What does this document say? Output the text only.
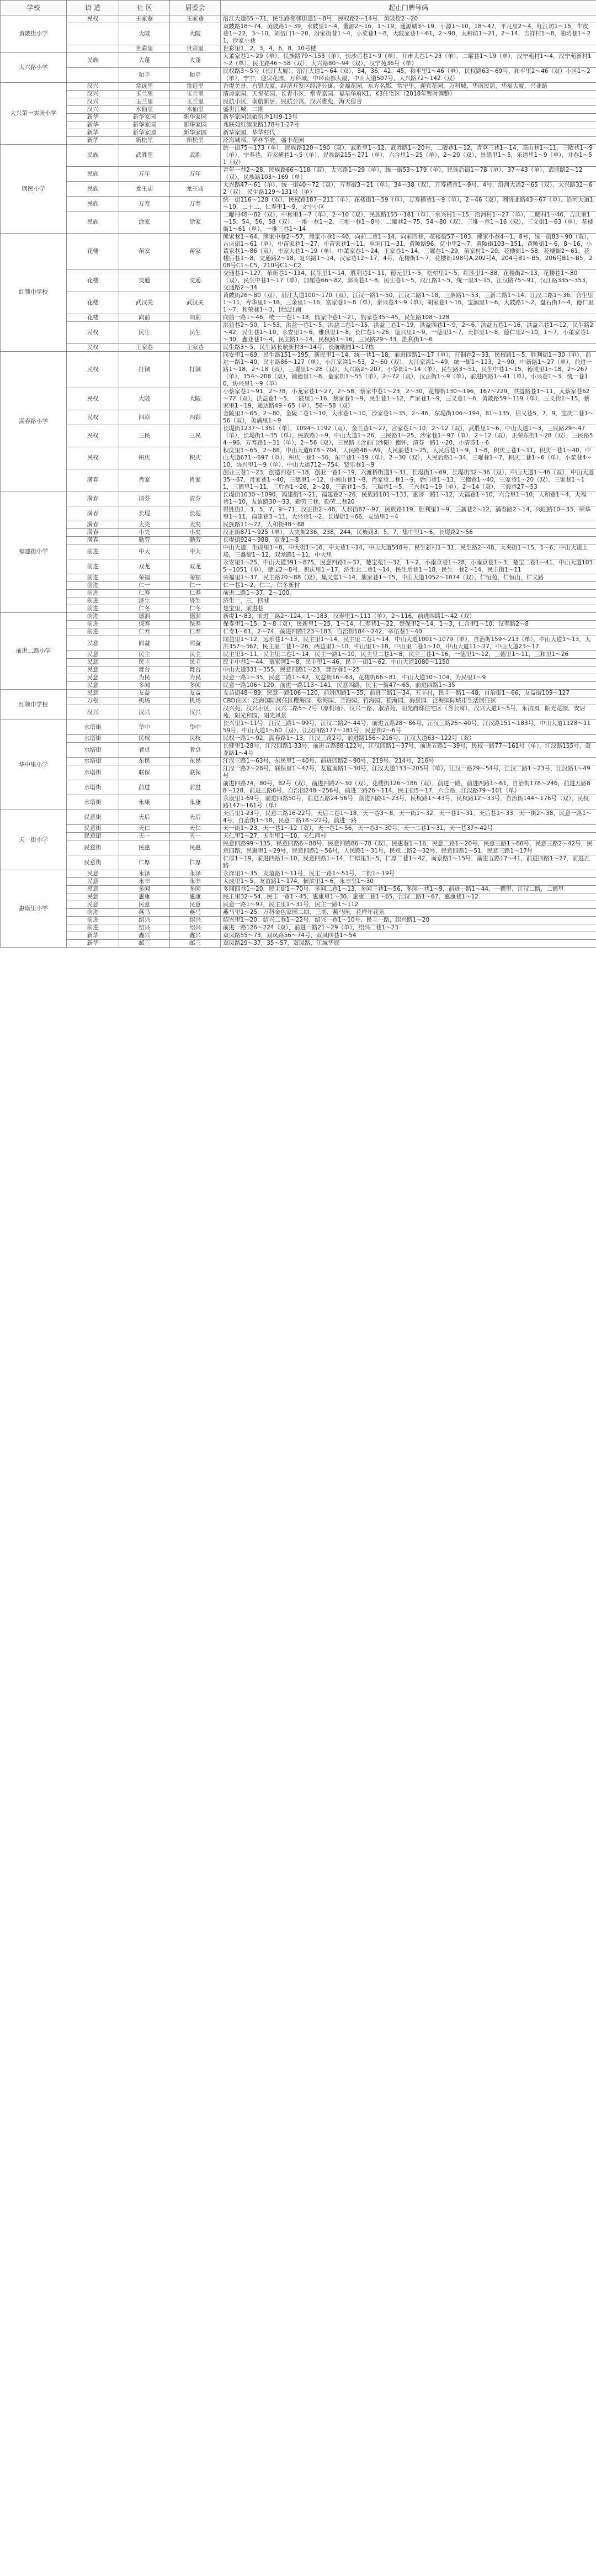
学校	街 道	社 区	居委会	起止门牌号码
黄陂街小学	民权	王家巷	王家巷	沿江大道65～71，民生路邻邨街道1～8号，民权路2～14号，黄陂街2～20
		大陂	大陂	双陂路18～74，黄陂路1～39，水陂里1～4，叢源2～16，1～19，通源城3～19，小源1～10，18～47，平凡里2～4，红江坊1～15，牛皮巷1～22，3～10，刘伍门1～20，汾家街巷1～4，小菜巷1～8，大陂家巷1～61，2～90，太和坊1～21，2～14，吉祥村1～8，油坊巷1～21，沙家小巷
		世彩里	世彩里	世彩里1，2，3，4，6，8，10号楼
大兴路小学	民族	大蓬	大蓬	大董家巷1～29（单）、民族路79～153（单），长沙后巷1～9（单），开市大巷1～23（单），二曜巷1～19（单），汉宁苑村1～4，汉宁苑新村1～2（单）、民主路46～58（双），大兴路80～94（双），汉宁苑36号（单）
		和平	和平	民权路3～5号（长江大厦），沿江大道1～64（双），34，36，42，45，和平里1～46（单），民权路63～69号、和平里2～46（双）小区1～2（单），宁宇，迎宾花园，万科城，中环南部大厦，中山大道507号，大兴路72～142（双）
大兴第一实验小学	汉兴	常远里	常远里	香堤美景，台银大厦，经济开发区经济公寓，金福花园，东方名都，常宁里，迎宾花园，万科城，华南民居，华福大厦，兴业路
	汉兴	玉兰里	玉兰里	清凉家园，天悦花园，长青小区，常青嘉园，福星华府K1，K3住宅区（2018年暂时调整）
	汉兴	玉兰里	玉兰里	民航小区，南航新居，民航公寓，汉兴雅苑，海天宿舍
	汉兴	水仙里	水仙里	盛世江城，二期
	新华	新华家园	新华家园	新华家园姑娘宿舍1号9-13号
	新华	新华家园	新华家园	兆联苑红旗渠路178号1-27号
	新华	新华家园	新华家园	新华家园，华华村代
	新华	新松里	新松里	泛海城邦，学林华府，盛丰花园
回民小学	民族	武胜里	武胜	统一街75～173（单），民族路120～190（双），武胜里1～12，武胜路1～20号，二曜巷1～12，青草三巷1～14，高山巷1～11，三曜巷1～9（单），宁寿巷，乔家横巷1～5（单），民族路215～271（单），六合里1～25（单），2～20（双），景德里1～5，乐道里1～9（单），井巷1～51（双）
	民族	万年	万年	青年一巷2～28，民族路66～118（双），大兴路1～29（单），统一街53～179（单），民族后街1～78（单）、37～43（单），武胜路2～12（双），民族路103～169（单）
	民族	龙王庙	龙王庙	大兴路47～61（单），统一街40～72（双），万寿街3～21（单），34～38（双），万寿横巷1～9号，4号，沿河大道2～65（双），大兴路32～62（双），民生路129～131号（单）
	民族	万寿	万寿	统一街116～128（双），民权路187～211（单），花楼街1～59（单），万寿横巷1～9（单），2～46（双），利济北路43～67（单）、沿河大道1～10，二十二，仁寿里1～9，文宁小区
	民族	涂家	涂家	二曜村48～82（双），中和里1～7（单），2～10（双），民族路155～181（单），水兴村1～15，沿河村1～27（单），二曜村1～46，吉庆里1～15，54，56，58（双），一堆一巷1～2，三堆一巷1～8号，二曜巷2～75，54～80（双），三堆一巷1～16（双），三义街1～63（单），花楼街1～61（单），一堆三巷1～14
红领巾学校	花楼	苗家	苗家	熊家巷1～64，熊家中巷2～57，熊家小巷1～40，向前二巷1～14，向前四巷，花楼街57～103，熊家小巷4～1、8号，统一街83～90（双），吉庆街1～61（单），中苗家巷1～27，中苗家巷1～11，单洞门1～31，黄陂路96，亿中里2～7，黄陂街103～151，黄陂街1～6，8～16，小董家巷1～86（双），丰家大巷1～19（单），中董家巷1～24，王家巷1～14，三曜巷1～29，苗家村1～20，花楼街1～58，花楼街2～61，花楼后巷1～8，交通路2～18，复兴路1～14，汉家巷12～17，4号，花楼街1～7，花楼街198号A,202号A，204号B1～B5，206号B1～B5，208号C1～C5，210号C1～C2
	花楼	交通	交通	交通巷1～127，革新巷1～114，民生里1～14，胜利巷1～11，德元里1～5，松柏里1～5，红胜里1～88，花楼街2～13，花楼巷1～80（双），民生中巷1～17（单），加厘巷66～82，郭商巷1～8，民生巷1～5，汉江路1～5，统一里3～15，江汉路75～91，汉江路335～353，交通路2～34
	花楼	武汉关	武汉关	黄陂街26～80（双），沿江大道100～170（双），江汉一路1～50，江汉二路1～18，三条路1～53，三新二路1～14，江汉二路1～36，合生里1～11，寿华里1～18，三余里1～16，富家巷1～8（单），泰兴巷3～9（单），胡家巷1～16，宝润里1～6，大陂路1～2，盘石街1～4，德仁里1～7，和荣巷1～3，世纪江南
	花楼	向前	向前	向前一路1～46，统一一巷1～18，熊家中巷1～21，熊家巷35～45，民生路108～128
	民权	民生	民生	洪益巷2～50，1～53，洪益一巷1～5，洪益二巷1～15，洪益三巷1～19，洪益四巷1～9，2～6，洪益五巷1～16，洪益六巷1～12，民生路2～42，民生巷1～10，永安里1～6，雅泉里1～8，长仁巷1～26，德兴里1～9，一德里1～7，天都里1～8，德仁里2～10，1～7，小董家巷1～30，鑫业巷1～4，民主路1～14，民权路1～16，三民路29～33，胜利街1～6
	民权	王家巷	王家巷	民生路3～5，民生路长航新村3～14号，长航瑞园1～17栋
满春路小学	民权	打铜	打铜	同安里1～69，民生路151～195，新民里1～14，统一巷1～18，前进四路1～17（单），打铜巷2～33，民权路1～5，胜利街1～30（单），前进一路1～40，民主路86～127（单），小江家湾1～53，2～60（双），大江家湾1～49，统一街1～113，2～90，中新路1～27（单），前进一路1～18，2～18（双），三曜里1～28（双），大兴路2～207，小华街1～14（单），民生路3～51，民生中巷1～15，德成里1～18，2～267（单），154～208（双），铺德里1～8，童家街1～55（单），2～72（双），汉正街1～9（单），前进四路1～41（单），小兴巷1～3，统一巷10，协兴里1～9（单）
	民权	大陂	大陂	小蔡家巷1～91，2～78，小龙家巷1～27，2～58，蔡家中巷1～23，2～30，花楼街130～196，167～229，洪益路巷1～11，大蔡家巷62～72（双），洪益巷1～5，二陂里1～16，蔡家巷1～9，民生巷1～12，严家巷1～9，三义巷1～6，黄陂路59～119（单），三义街1～15，蔡家里1～19，通达路49～65（单），56～58（双）
	民权	四彩	四彩	金陵里1～65，2～80，金陵二巷1～10，大水巷1～10，沙家巷1～35，2～46，东堤街106～194，81～135，信义巷5，7，9，宝庆二巷1～56（双），美满里1～9
	民权	三民	三民	长堤街1237～1361（单），1094～1192（双），金兰巷1～27，宫家巷1～10，2～12（双），武胜里1～6，中山大道1～3，三民路29～47（单），长堤街1～35（单），民族路1～9，中山大道1～26，三民路1～25，沙家巷1～97（单），2～12（双），正荣东街1～28（双），三民路54～96，万寿路1～31（单），2～56（双），三民路（含前门沙阳）德怀，清芬一路1～20，小清芬1～6
	民权	积庆	积庆	积庆里1～65，2～88，中山大道678～704，人民路48～A9，人民前巷1～25，人民后巷1～9，1～8，积庆三巷1～11，积庆一巷1～40，中山大道671～697（单），积庆一巷1～56，东平巷1～19（单），2～30（双），人民后路1～34，三曜巷1～7，积庆二巷1～6（单），小菜巷4～10，协兴里1～9（单），中山大道712～754，贤乐巷1～9
	满春	肖家	肖家	创业三巷1～23，创造四巷1～18，创业一巷1～19，六渡桥街道1～31，长堤街1～69，长堤街32～36（双），中山大道1～46（双），中山大道35～67，肖家巷1～40，三德里1～12，小南山巷1～8，肖家巷二巷1～9，后门巷1～13，三德巷1～40，三家巷1～20（双），三家巷1～11，三德里1～11，三后巷1～26，2～28，三新巷1～5，三瑞巷1～5，三兴巷1～19（单），2～14（双），三海巷27～53
福建街小学	满春	清芬	清芬	长堤街1030～1090，福建街1～21，福建巷2～26，民族路101～133，惠济一路1～12，大福巷1～10，六合里1～10，人和巷1～4，大福一巷1～10，友谊路30～33，勤劳三巷，勤劳二巷20
	满春	长堤	长堤	得胜街1，3，5，7，9～71，汉正街2～48，人和街87～97，民族路119，胜利里1～9，三新巷2～12，满春路2～14，兴旺路10～33，荣华里1～11，福建巷3～11，大兴巷1～2，长堤街1～66，友谊里1～4
	满春	大夹	大夹	民族路11～27，人和街48～88
	满春	小夹	小夹	汉正街871～925（单），大夹街236，238，244，民族路3，5，7，集中里1～6，长堤路2～56
	满春	勤劳	勤劳	长堤街924～988，双龙1～8
	前进	中大	中大	中山大道，生成里1～8，中大街1～16，中大巷1～14，中山大道548号，民生新村1～31，民生路2～48，大夹街1～15，1～6，中山大道上场，三鑫街1～12，双龙路1～11，中大里
	前进	双龙	双龙	永安里1～25，中山大道391～875，民意四路1～37，楚宝苑1～32，1～2，小南京巷1～28，小南京巷1～3，楚宝二巷1～41，中山大道1035～1051（单），楚宝2～8号，积庆里1～17，济生北二巷1～14，民生后巷1～18，民生一巷2～14，民主街1～11
	前进	荣福	荣福	荣福里1～37，民主路70～88（双），集义堂1～14，熊家巷1～15，中山大道1052～1074（双），仁恒苑，仁恒山，仁义路
	前进	仁一	仁一	仁一巷1～2，仁二，仁冬新村
	前进	仁寿	仁寿	前进二路1～37，2～100。
	前进	济生	济生	济生一，三，四巷
	前进	仁冬	仁冬	楚宝里，前进巷
前进二路小学	前进	德润	德润	新堤1～83，前进三路2～124，1～183，汉寿里1～111（单），2～116，前进四路1～42（双）
	前进	保寿	保寿	保寿里1～15，2～8（双），民新里1～25，1～14，仁寿巷1～22，楚保里2～14，1～3，仁合里1～10，汉寿路2～8
	前进	仁寿	仁寿	仁寿1～61，2～74，前进四路123～183，自治街184～242，辛伍巷1～40
	民意	同益	同益	同益里1～12，远乐巷1～13，民主里1～14，民主里二巷1～14，中山大道1001～1079（单），自治街159～213（单），中山大道1～13，大洪357～367，民主里二巷1～26，两益里1～10，中山里1～18，中山里二巷1～10，中山大道11～27，中山大道23～17
	民意	民主	民主	民主里1～11，民主里二巷1～14，民主一路1～10，民主里二巷1～8，民主三巷1～16，一德里1～12，三德里1～11，三和里1～26
	民意	民主	民主	民主中巷1～44，童家湾1～8，民主里1～46，民主一街1～62，中山大道1080～1150
	民意	舞台	舞台	中山大道331～355，民意四路1～23，舞台巷1～25
	民意	为民	为民	民意一路1～35，民意二路1～42，友益街16～63，花楼街66～81，中山大道30～104，为民里1～9
	民意	多闻	多闻	民意一路106～120，前进一路113～141，民意四路，民主一街47～65，前进四路1～35
红领巾学校	民意	友益	友益	友益街48～89，民意一路106～120，前进四路1～35，前进三路1～34，五丰村，民主一路1～48，自治街1～66，友益街109～127
	万松	机场	机场	CBD住区：泛海国际居住区樱海园、松海园、兰海园、竹海园、松海园、海景园、泛海国际城市生活居住区
	汉兴	汉兴	汉兴	汉兴苑，汉兴小区，汉兴二路5～7号（原机场），汉兴一路，淑清苑，阳光府邸住宅区（含公寓），汉兴大道1～5号，永清园，阳光花园，安居苑，阳光和园，阳光风景
华中里小学	水塔街	华中	华中	长兴里1～11号，江汉三路1～99号，江汉二路2～44号，前进五路28～86号，江汉三路26～40号，江汉路151～183号，中山大道1128～1159号，中山大道1～60（双），江汉四路177～181号，民意街2～6号
	水塔街	民权	民权	民权一路1～92，满春路1～13，江汉三路2号，前进路156～216号，江汉大道63～122号（双）
	水塔街	者卓	者卓	长健里1-28号，江汉四路1-33号，前进五路88-122号，江汉四路1～37号，前进五路1～39号，民权一路77～161号（单），江汉路155号，双龙路1～4号
	水塔街	东民	东民	江汉三路1～63号，东民里1～40号，前进四路2～90号，219号，214号，216号
	水塔街	联保	联保	江汉一路2～28号，联保里1～47号，友谊南路1～30号，江汉大道133～205号（单），江汉一路29～54号，江汉二路1～23号，江汉路1～49号
	水塔街	前进	前进	前进四路74，80号，82号（双），前进四路2～30（双），花楼街126～186（双），前进一路，前进四路1～61，自治街178～246，前进五路88～128，前进三路6号，自治街248～256号，前进二路26～114，民主街5～17，六合路，江汉路79～101（单）
	水塔街	永康	永康	永康里1-69号，前进四路50号，前进五路24-56号，前进四路1～23号，民权路1～43号，民权路12～33号，自治街144～176号（双），民权路147～161号（单）
天一街小学	民意街	天后	天后	天后里1-23号，民意二路16-22号，天后二巷1～18，天一巷3～8，天一街1～32，天一巷1～31，天后巷1～33，天一街2～38，民意一路1～4号，自治街1～18，民意二路18～22号，前进一路
	民意街	天仁	天仁	天一街1～23，天一巷1～12（双），天一巷1～56，天一巷3～30号，天一二巷1～31，天一巷37～42号
	民意街	天一	天一	天仁里1～27，天生里1～10，天仁西村
	民意街	民惠	民惠	民意四路99～135，民意四路6～88号，民意四路86～78（双），民惠巷1～16，民意二路1～20号，民意三路1～66号，民意三路2～42号，民意四路，民惠里1～29号，民意四路1～56号，人民路1～31号，民意二路2～32号，民意四路1～51，民意三路1～17号
	民意街	仁厚	仁厚	仁厚1～19，前进四路1～10，民意四路1～14，仁厚里1～5，仁厚二巷1～42，南京路1～15号，前进五路17～41，前进四路1～27，前进五路
惠康里小学	民意	永泽	永泽	永泽里1～35，友谊路1～11号，民主一路1～51号，二街1～19号
	民意	永丰	永丰	大成里1～5，友谊路1～174，横滨里1～6，永丰里1～30
	民意	多闻	多闻	多闻四巷1～20，民主街1～70号，多闻二巷1～13，多闻三巷1～56，多闻一巷1～9，前进一路1～44，一德里，江汉二路，二德里
	民意	惠康	惠康	民主里32～54，民主一巷1～45，惠康里1～30，惠康二巷1～65，江汉二路1～67，惠康巷1～12
	民意	民意	民意	民意一路1～97，民主里1～31号，民主一路1～112
	前进	燕马	燕马	燕马里1～25，万科金色家园二期，三期，燕马园，花样年花乐
	前进	绍兴	绍兴	绍兴里1～20，绍兴二巷1～22号，绍兴一巷1～10号，民主一路，绍兴路1～20
	前进	绍兴	绍兴	前进一路126～224（双），前进一路21～29（单），绍兴二巷1～23
	新华	鑫兴	鑫兴	双凤路55～73，双凤路56～74号，双凤四巷1～54
	新华	邮三	邮三	双凤路29～37，35～57，双凤路，江城华庭
